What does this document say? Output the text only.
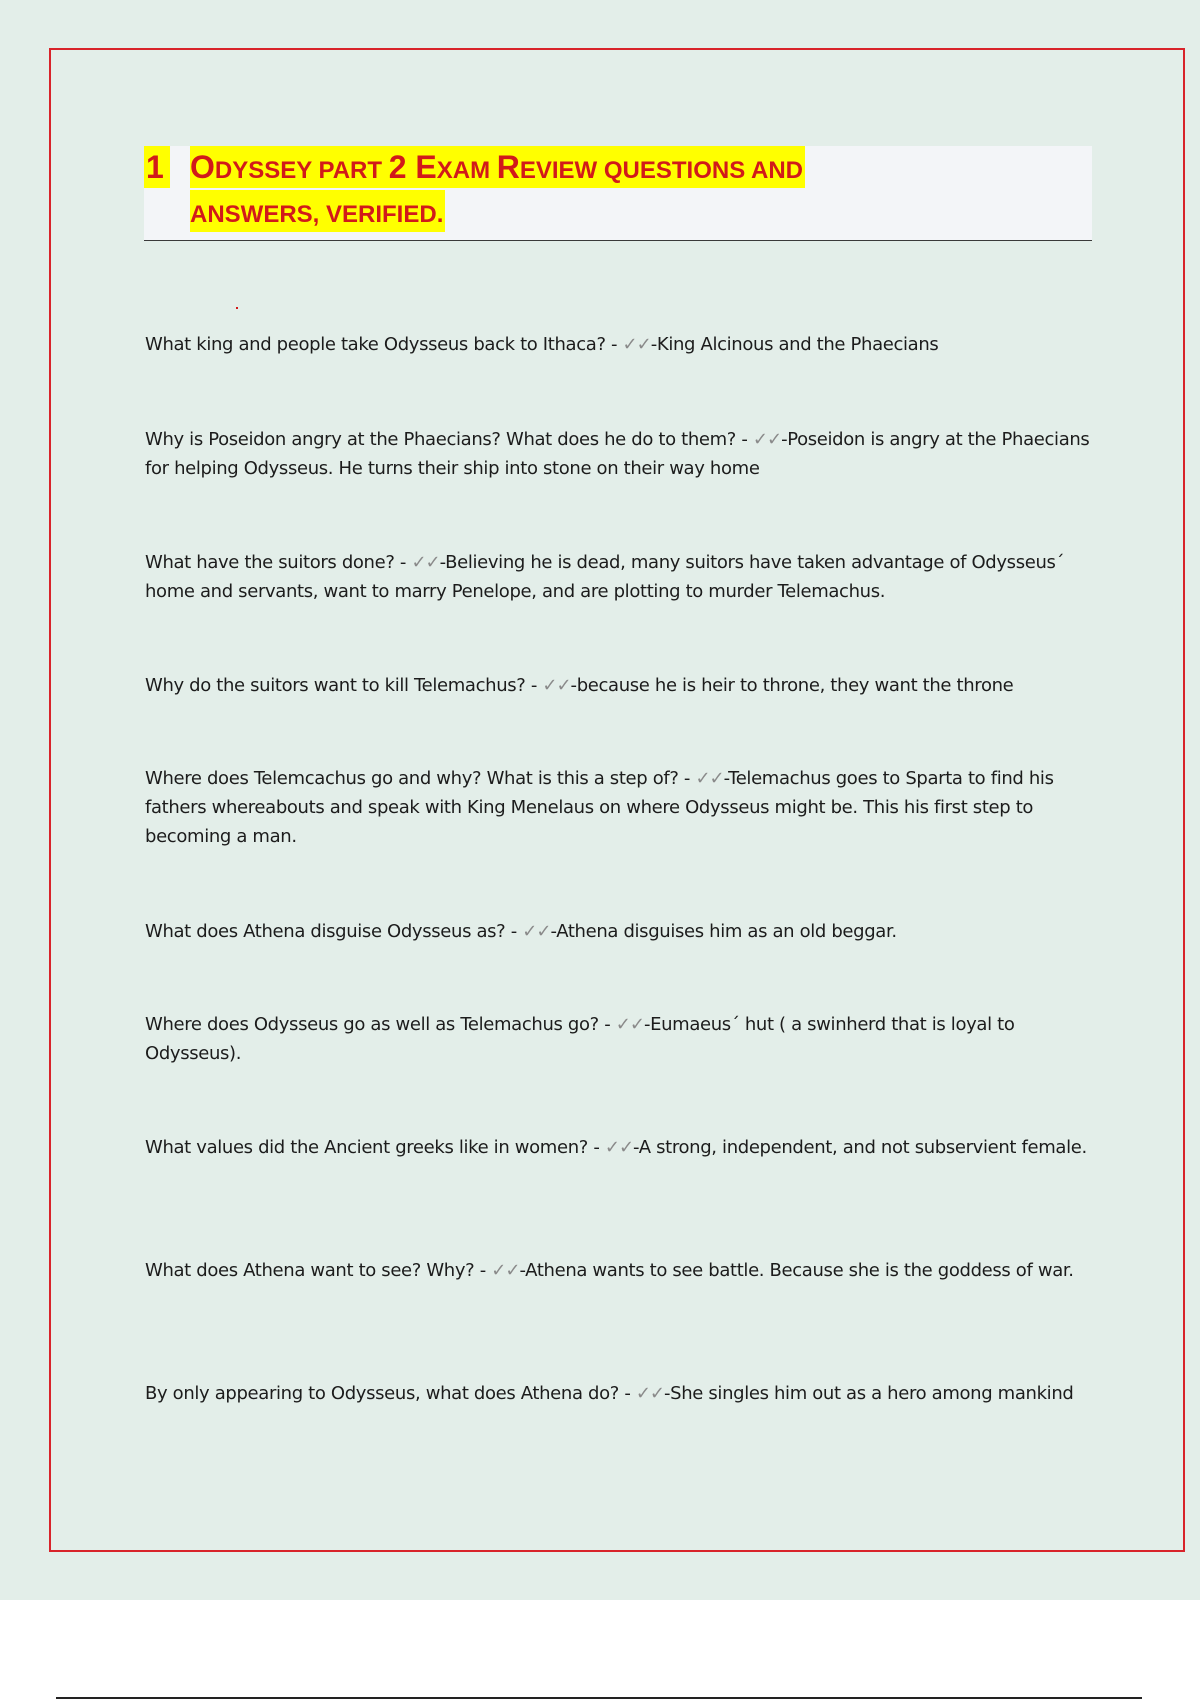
1 ODYSSEY PART 2 EXAM REVIEW QUESTIONS AND
ANSWERS, VERIFIED.
What king and people take Odysseus back to Ithaca? - ✓✓-King Alcinous and the Phaecians
Why is Poseidon angry at the Phaecians? What does he do to them? - ✓✓-Poseidon is angry at the Phaecians for helping Odysseus. He turns their ship into stone on their way home
What have the suitors done? - ✓✓-Believing he is dead, many suitors have taken advantage of Odysseus´ home and servants, want to marry Penelope, and are plotting to murder Telemachus.
Why do the suitors want to kill Telemachus? - ✓✓-because he is heir to throne, they want the throne
Where does Telemcachus go and why? What is this a step of? - ✓✓-Telemachus goes to Sparta to find his fathers whereabouts and speak with King Menelaus on where Odysseus might be. This his first step to becoming a man.
What does Athena disguise Odysseus as? - ✓✓-Athena disguises him as an old beggar.
Where does Odysseus go as well as Telemachus go? - ✓✓-Eumaeus´ hut ( a swinherd that is loyal to Odysseus).
What values did the Ancient greeks like in women? - ✓✓-A strong, independent, and not subservient female.
What does Athena want to see? Why? - ✓✓-Athena wants to see battle. Because she is the goddess of war.
By only appearing to Odysseus, what does Athena do? - ✓✓-She singles him out as a hero among mankind
